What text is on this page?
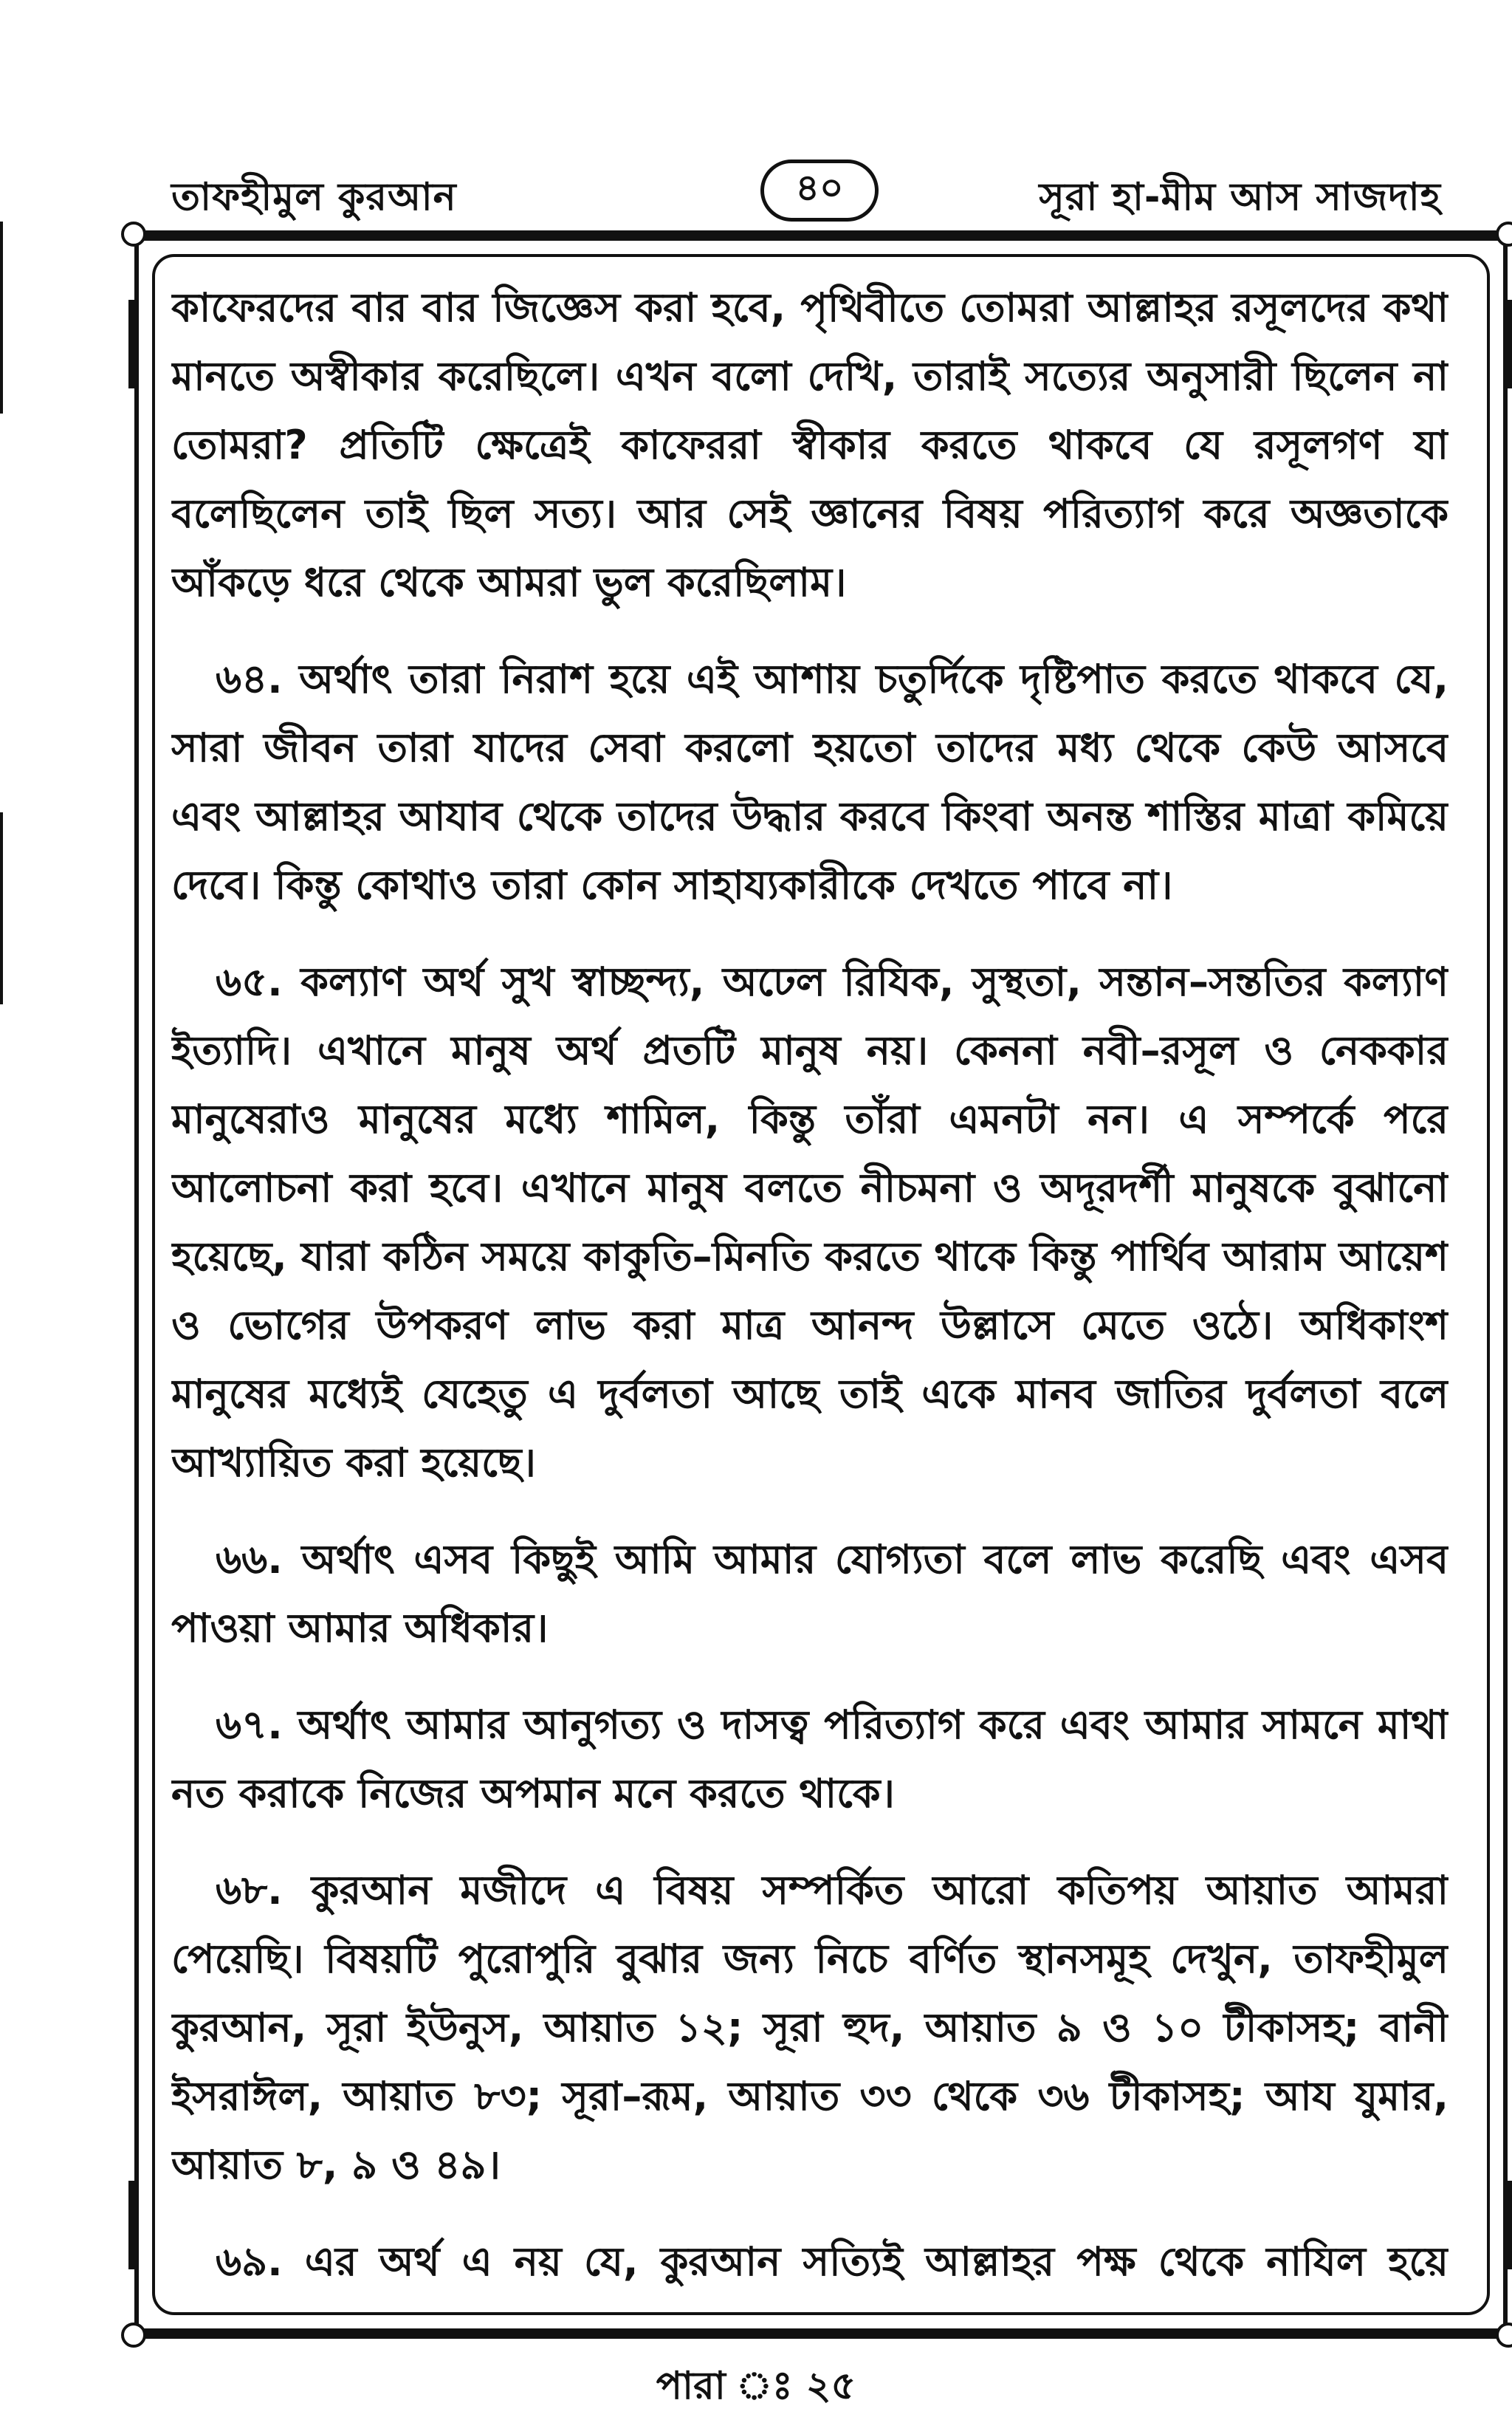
তাফহীমুল কুরআন	৪০	সূরা হা-মীম আস সাজদাহ

কাফেরদের বার বার জিজ্ঞেস করা হবে, পৃথিবীতে তোমরা আল্লাহর রসূলদের কথা মানতে অস্বীকার করেছিলে। এখন বলো দেখি, তারাই সত্যের অনুসারী ছিলেন না তোমরা? প্রতিটি ক্ষেত্রেই কাফেররা স্বীকার করতে থাকবে যে রসূলগণ যা বলেছিলেন তাই ছিল সত্য। আর সেই জ্ঞানের বিষয় পরিত্যাগ করে অজ্ঞতাকে আঁকড়ে ধরে থেকে আমরা ভুল করেছিলাম।

৬৪. অর্থাৎ তারা নিরাশ হয়ে এই আশায় চতুর্দিকে দৃষ্টিপাত করতে থাকবে যে, সারা জীবন তারা যাদের সেবা করলো হয়তো তাদের মধ্য থেকে কেউ আসবে এবং আল্লাহর আযাব থেকে তাদের উদ্ধার করবে কিংবা অনন্ত শাস্তির মাত্রা কমিয়ে দেবে। কিন্তু কোথাও তারা কোন সাহায্যকারীকে দেখতে পাবে না।

৬৫. কল্যাণ অর্থ সুখ স্বাচ্ছন্দ্য, অঢেল রিযিক, সুস্থতা, সন্তান–সন্ততির কল্যাণ ইত্যাদি। এখানে মানুষ অর্থ প্রতটি মানুষ নয়। কেননা নবী–রসূল ও নেককার মানুষেরাও মানুষের মধ্যে শামিল, কিন্তু তাঁরা এমনটা নন। এ সম্পর্কে পরে আলোচনা করা হবে। এখানে মানুষ বলতে নীচমনা ও অদূরদর্শী মানুষকে বুঝানো হয়েছে, যারা কঠিন সময়ে কাকুতি–মিনতি করতে থাকে কিন্তু পার্থিব আরাম আয়েশ ও ভোগের উপকরণ লাভ করা মাত্র আনন্দ উল্লাসে মেতে ওঠে। অধিকাংশ মানুষের মধ্যেই যেহেতু এ দুর্বলতা আছে তাই একে মানব জাতির দুর্বলতা বলে আখ্যায়িত করা হয়েছে।

৬৬. অর্থাৎ এসব কিছুই আমি আমার যোগ্যতা বলে লাভ করেছি এবং এসব পাওয়া আমার অধিকার।

৬৭. অর্থাৎ আমার আনুগত্য ও দাসত্ব পরিত্যাগ করে এবং আমার সামনে মাথা নত করাকে নিজের অপমান মনে করতে থাকে।

৬৮. কুরআন মজীদে এ বিষয় সম্পর্কিত আরো কতিপয় আয়াত আমরা পেয়েছি। বিষয়টি পুরোপুরি বুঝার জন্য নিচে বর্ণিত স্থানসমূহ দেখুন, তাফহীমুল কুরআন, সূরা ইউনুস, আয়াত ১২; সূরা হুদ, আয়াত ৯ ও ১০ টীকাসহ; বানী ইসরাঈল, আয়াত ৮৩; সূরা–রূম, আয়াত ৩৩ থেকে ৩৬ টীকাসহ; আয যুমার, আয়াত ৮, ৯ ও ৪৯।

৬৯. এর অর্থ এ নয় যে, কুরআন সত্যিই আল্লাহর পক্ষ থেকে নাযিল হয়ে

পারা ঃ ২৫
